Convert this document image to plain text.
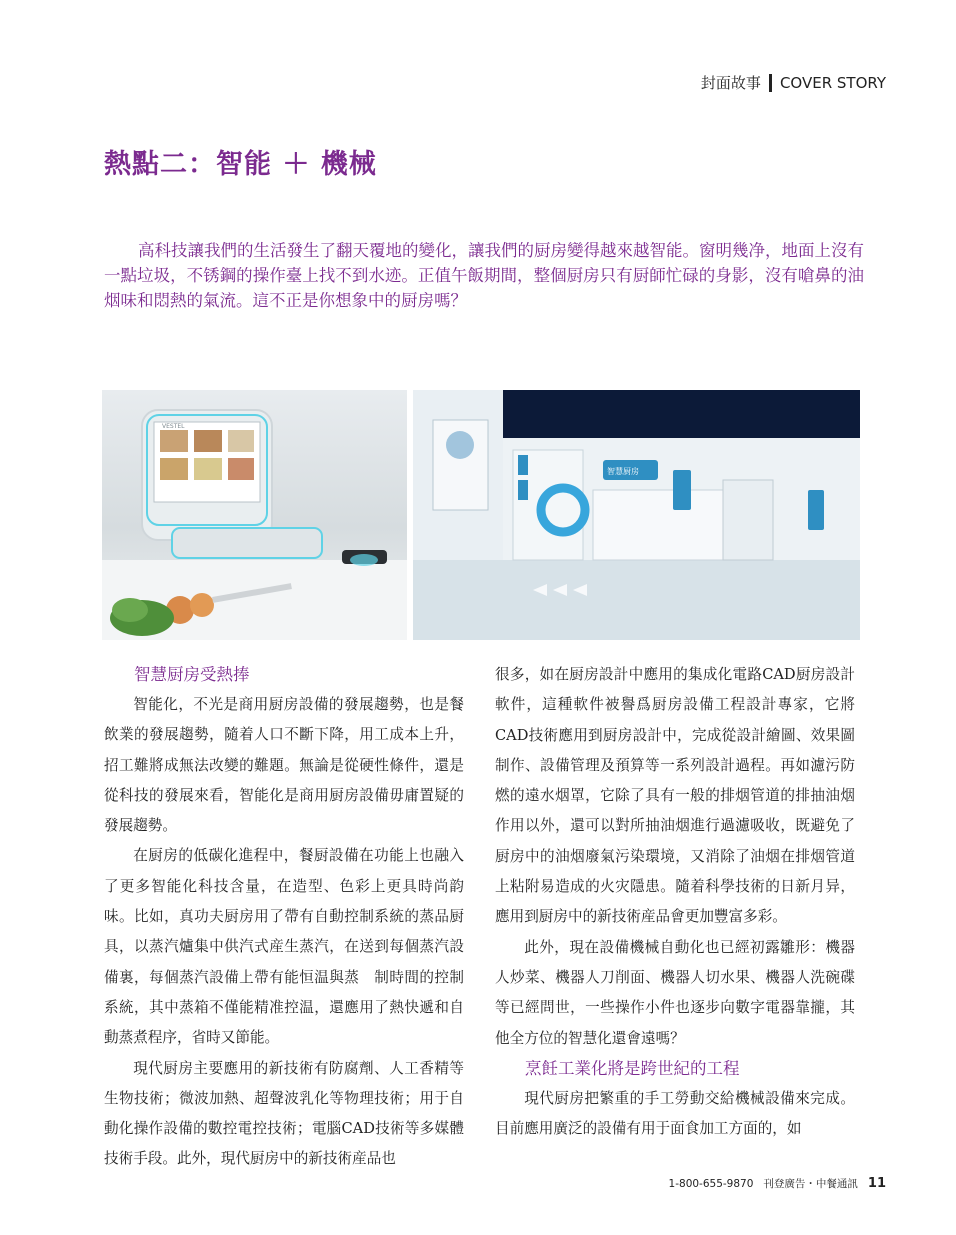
封面故事 COVER STORY
熱點二：智能 ＋ 機械
高科技讓我們的生活發生了翻天覆地的變化，讓我們的厨房變得越來越智能。窗明幾净，地面上沒有一點垃圾，不锈鋼的操作臺上找不到水迹。正值午飯期間，整個厨房只有厨師忙碌的身影，沒有嗆鼻的油烟味和悶熱的氣流。這不正是你想象中的厨房嗎？
VESTEL
智慧厨房
智慧厨房受熱捧

智能化，不光是商用厨房設備的發展趨勢，也是餐飲業的發展趨勢，隨着人口不斷下降，用工成本上升，招工難將成無法改變的難題。無論是從硬性條件，還是從科技的發展來看，智能化是商用厨房設備毋庸置疑的發展趨勢。

在厨房的低碳化進程中，餐厨設備在功能上也融入了更多智能化科技含量，在造型、色彩上更具時尚韵味。比如，真功夫厨房用了帶有自動控制系統的蒸品厨具，以蒸汽爐集中供汽式産生蒸汽，在送到每個蒸汽設備裏，每個蒸汽設備上帶有能恒温與蒸　制時間的控制系統，其中蒸箱不僅能精准控温，還應用了熱快遞和自動蒸煮程序，省時又節能。

現代厨房主要應用的新技術有防腐劑、人工香精等生物技術；微波加熱、超聲波乳化等物理技術；用于自動化操作設備的數控電控技術；電腦CAD技術等多媒體技術手段。此外，現代厨房中的新技術産品也

很多，如在厨房設計中應用的集成化電路CAD厨房設計軟件，這種軟件被譽爲厨房設備工程設計專家，它將CAD技術應用到厨房設計中，完成從設計繪圖、效果圖制作、設備管理及預算等一系列設計過程。再如濾污防燃的遠水烟罩，它除了具有一般的排烟管道的排抽油烟作用以外，還可以對所抽油烟進行過濾吸收，既避免了厨房中的油烟廢氣污染環境，又消除了油烟在排烟管道上粘附易造成的火灾隱患。隨着科學技術的日新月异，應用到厨房中的新技術産品會更加豐富多彩。

此外，現在設備機械自動化也已經初露雛形：機器人炒菜、機器人刀削面、機器人切水果、機器人洗碗碟等已經問世，一些操作小件也逐步向數字電器靠攏，其他全方位的智慧化還會遠嗎？

烹飪工業化將是跨世紀的工程

現代厨房把繁重的手工勞動交給機械設備來完成。目前應用廣泛的設備有用于面食加工方面的，如

1-800-655-9870 刊登廣告・中餐通訊 11
